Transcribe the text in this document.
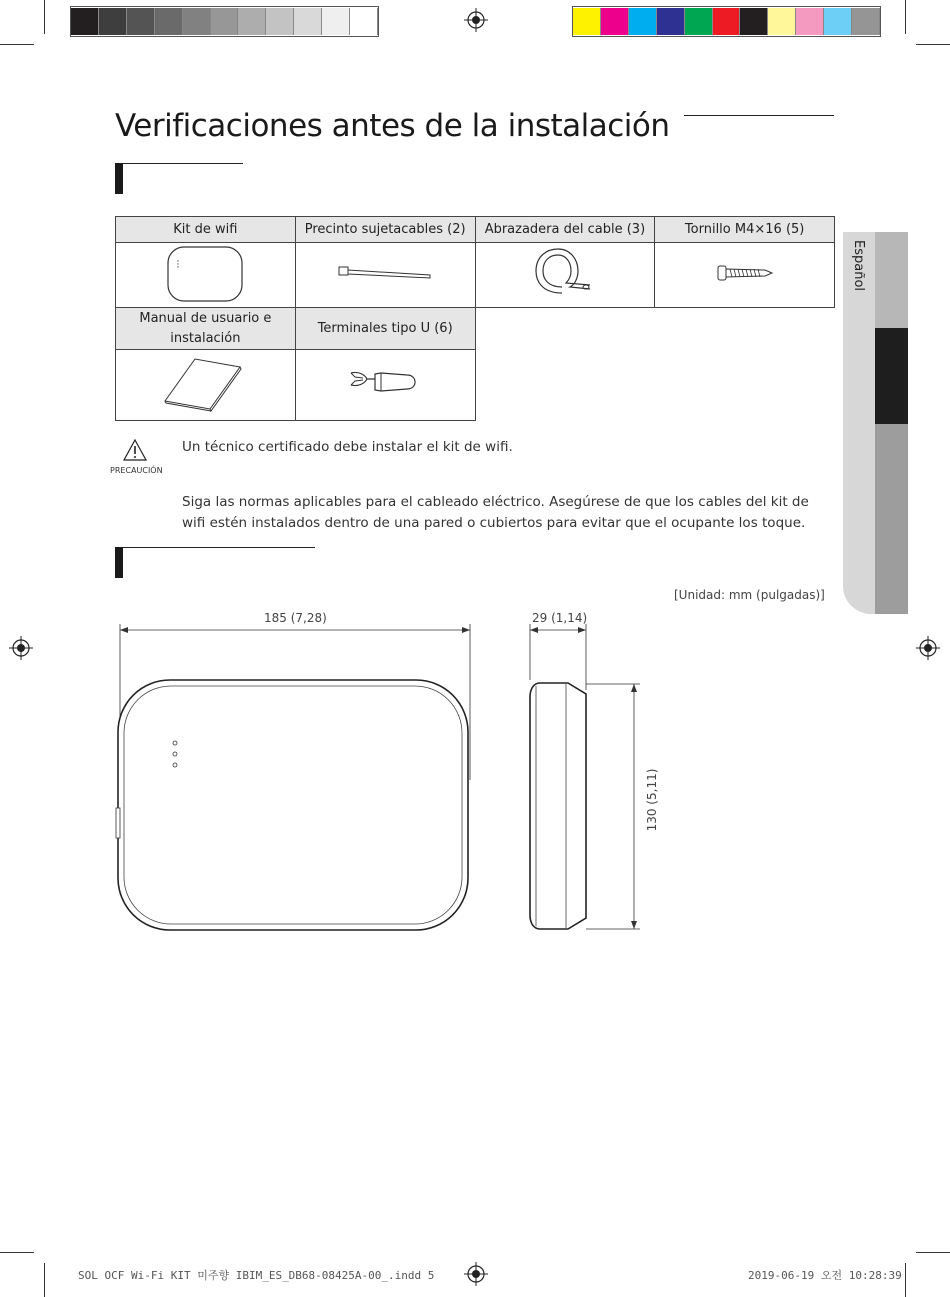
Verificaciones antes de la instalación
Kit de wifi	Precinto sujetacables (2)	Abrazadera del cable (3)	Tornillo M4×16 (5)

Manual de usuario e instalación	Terminales tipo U (6)		

PRECAUCIÓN
Un técnico certificado debe instalar el kit de wifi.
Siga las normas aplicables para el cableado eléctrico. Asegúrese de que los cables del kit de wifi estén instalados dentro de una pared o cubiertos para evitar que el ocupante los toque.
[Unidad: mm (pulgadas)]
185 (7,28)	29 (1,14)
130 (5,11)
Español
SOL OCF Wi-Fi KIT 미주향 IBIM_ES_DB68-08425A-00_.indd 5	2019-06-19 오전 10:28:39
